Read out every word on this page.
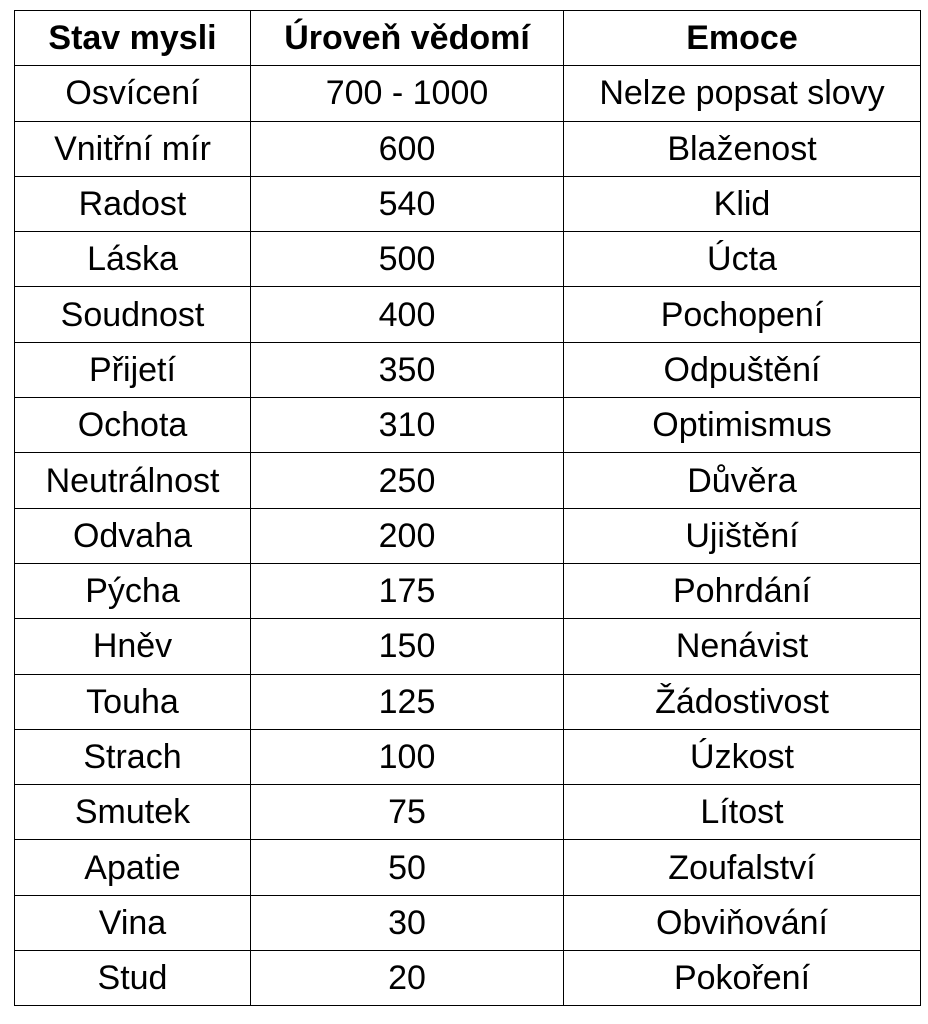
Stav mysli	Úroveň vědomí	Emoce
Osvícení	700 - 1000	Nelze popsat slovy
Vnitřní mír	600	Blaženost
Radost	540	Klid
Láska	500	Úcta
Soudnost	400	Pochopení
Přijetí	350	Odpuštění
Ochota	310	Optimismus
Neutrálnost	250	Důvěra
Odvaha	200	Ujištění
Pýcha	175	Pohrdání
Hněv	150	Nenávist
Touha	125	Žádostivost
Strach	100	Úzkost
Smutek	75	Lítost
Apatie	50	Zoufalství
Vina	30	Obviňování
Stud	20	Pokoření
